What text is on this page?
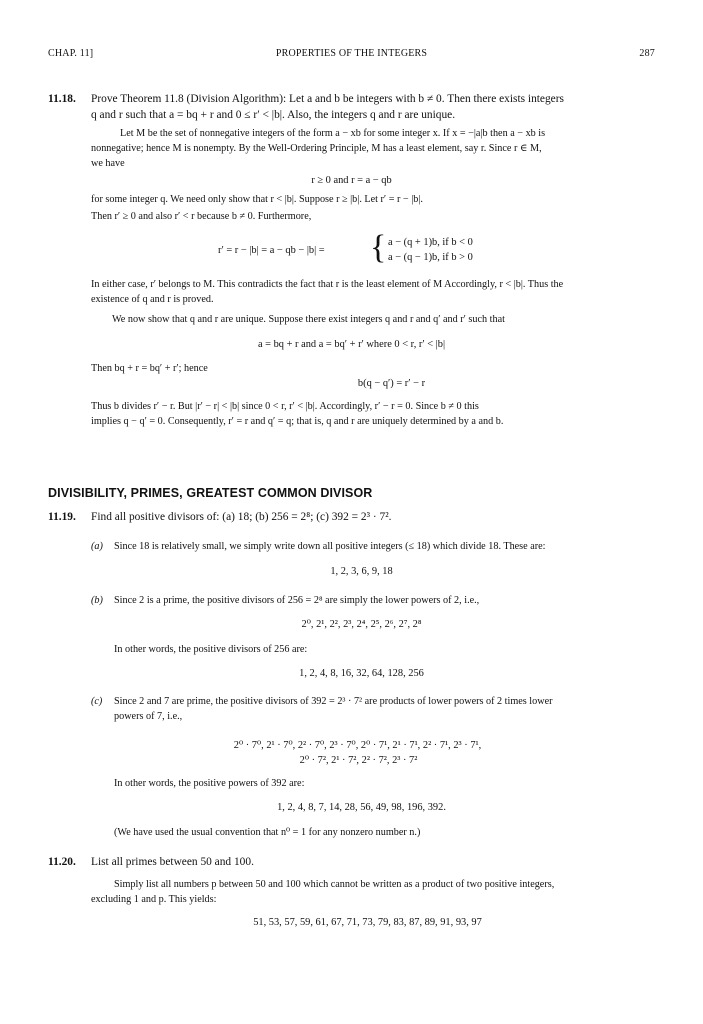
CHAP. 11]	PROPERTIES OF THE INTEGERS	287
11.18. Prove Theorem 11.8 (Division Algorithm): Let a and b be integers with b ≠ 0. Then there exists integers
q and r such that a = bq + r and 0 ≤ r′ < |b|. Also, the integers q and r are unique.
Let M be the set of nonnegative integers of the form a − xb for some integer x. If x = −|a|b then a − xb is
nonnegative; hence M is nonempty. By the Well-Ordering Principle, M has a least element, say r. Since r ∈ M,
we have
r ≥ 0 and r = a − qb
for some integer q. We need only show that r < |b|. Suppose r ≥ |b|. Let r′ = r − |b|.
Then r′ ≥ 0 and also r′ < r because b ≠ 0. Furthermore,
r′ = r − |b| = a − qb − |b| = { a − (q + 1)b, if b < 0
a − (q − 1)b, if b > 0
In either case, r′ belongs to M. This contradicts the fact that r is the least element of M Accordingly, r < |b|. Thus the
existence of q and r is proved.
We now show that q and r are unique. Suppose there exist integers q and r and q′ and r′ such that
a = bq + r and a = bq′ + r′ where 0 < r, r′ < |b|
Then bq + r = bq′ + r′; hence
b(q − q′) = r′ − r
Thus b divides r′ − r. But |r′ − r| < |b| since 0 < r, r′ < |b|. Accordingly, r′ − r = 0. Since b ≠ 0 this
implies q − q′ = 0. Consequently, r′ = r and q′ = q; that is, q and r are uniquely determined by a and b.
DIVISIBILITY, PRIMES, GREATEST COMMON DIVISOR
11.19. Find all positive divisors of: (a) 18; (b) 256 = 2⁸; (c) 392 = 2³ · 7².
(a) Since 18 is relatively small, we simply write down all positive integers (≤ 18) which divide 18. These are:
1, 2, 3, 6, 9, 18
(b) Since 2 is a prime, the positive divisors of 256 = 2⁸ are simply the lower powers of 2, i.e.,
2⁰, 2¹, 2², 2³, 2⁴, 2⁵, 2⁶, 2⁷, 2⁸
In other words, the positive divisors of 256 are:
1, 2, 4, 8, 16, 32, 64, 128, 256
(c) Since 2 and 7 are prime, the positive divisors of 392 = 2³ · 7² are products of lower powers of 2 times lower
powers of 7, i.e.,
2⁰ · 7⁰, 2¹ · 7⁰, 2² · 7⁰, 2³ · 7⁰, 2⁰ · 7¹, 2¹ · 7¹, 2² · 7¹, 2³ · 7¹,
2⁰ · 7², 2¹ · 7², 2² · 7², 2³ · 7²
In other words, the positive powers of 392 are:
1, 2, 4, 8, 7, 14, 28, 56, 49, 98, 196, 392.
(We have used the usual convention that n⁰ = 1 for any nonzero number n.)
11.20. List all primes between 50 and 100.
Simply list all numbers p between 50 and 100 which cannot be written as a product of two positive integers,
excluding 1 and p. This yields:
51, 53, 57, 59, 61, 67, 71, 73, 79, 83, 87, 89, 91, 93, 97
